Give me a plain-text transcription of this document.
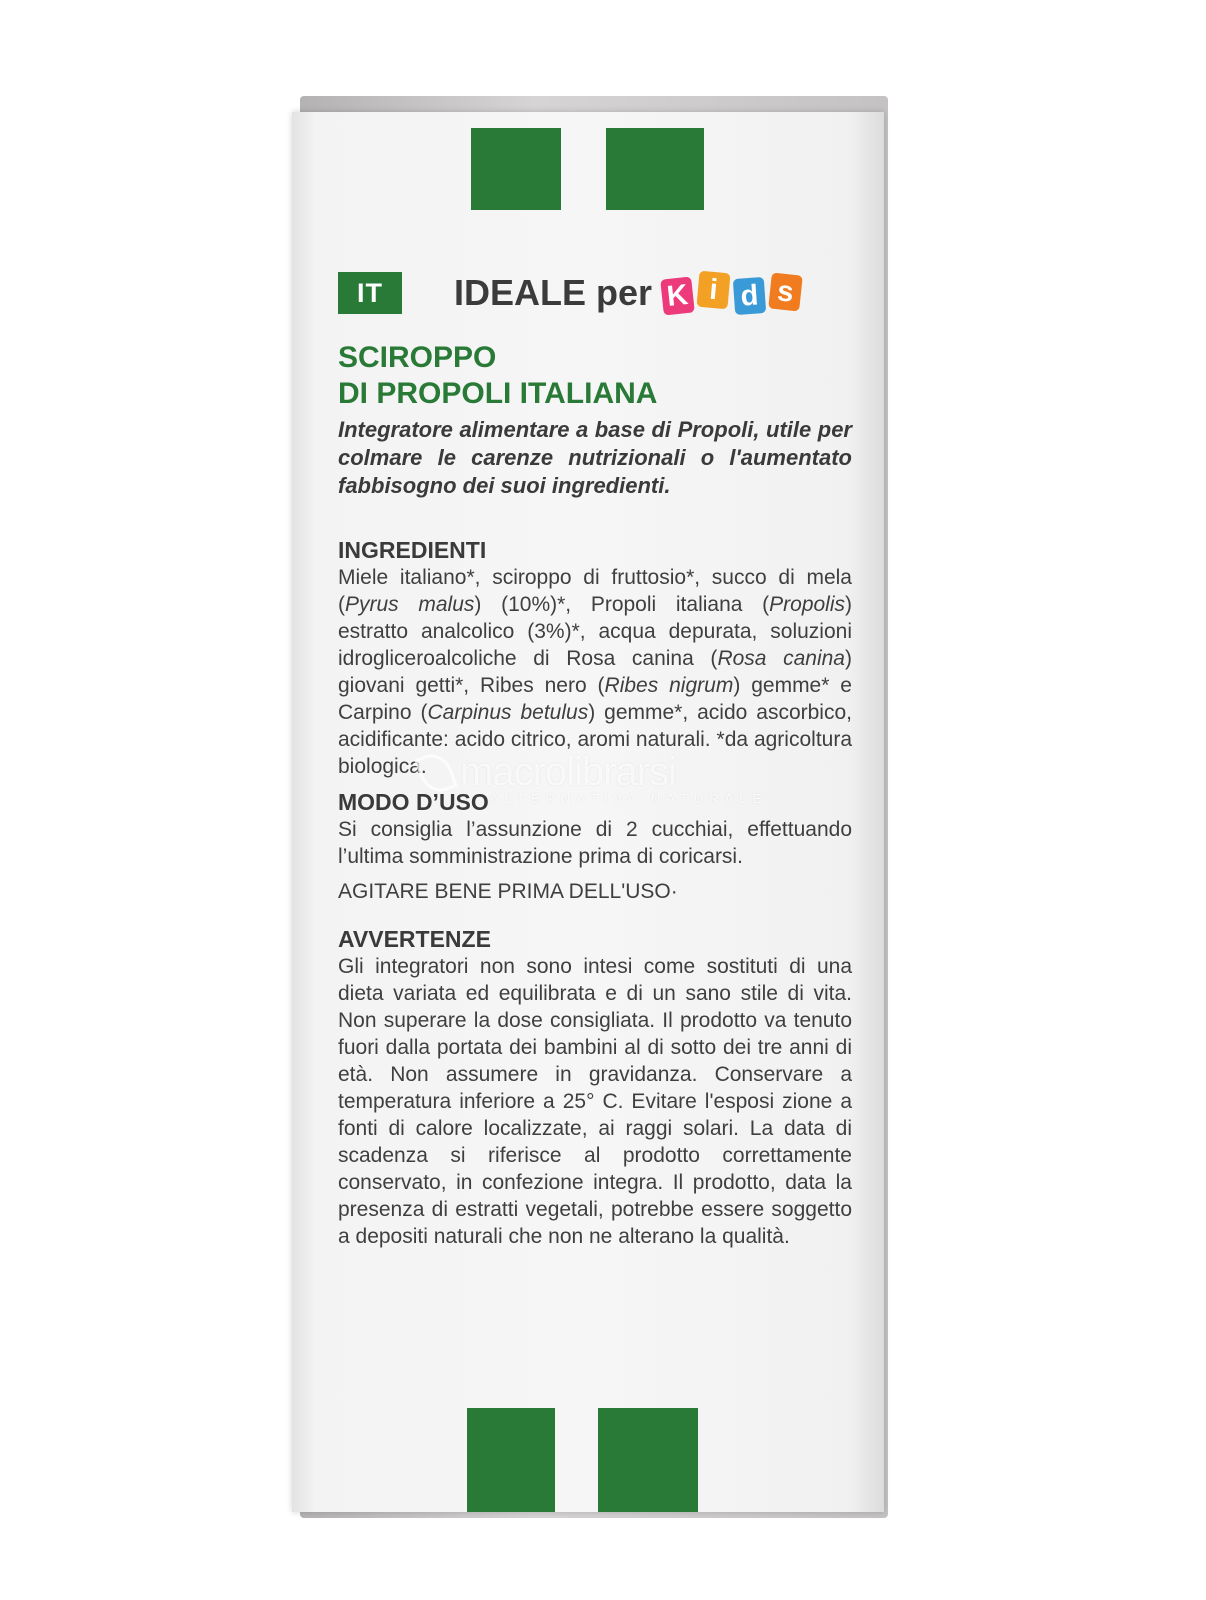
IT	IDEALE per K i d s
SCIROPPO
DI PROPOLI ITALIANA
Integratore alimentare a base di Propoli, utile per colmare le carenze nutrizionali o l'aumentato fabbisogno dei suoi ingredienti.
INGREDIENTI
Miele italiano*, sciroppo di fruttosio*, succo di mela (Pyrus malus) (10%)*, Propoli italiana (Propolis) estratto analcolico (3%)*, acqua depurata, soluzioni idrogliceroalcoliche di Rosa canina (Rosa canina) giovani getti*, Ribes nero (Ribes nigrum) gemme* e Carpino (Carpinus betulus) gemme*, acido ascorbico, acidificante: acido citrico, aromi naturali. *da agricoltura biologica.
MODO D’USO
Si consiglia l’assunzione di 2 cucchiai, effettuando l’ultima somministrazione prima di coricarsi.
AGITARE BENE PRIMA DELL'USO·
AVVERTENZE
Gli integratori non sono intesi come sostituti di una dieta variata ed equilibrata e di un sano stile di vita. Non superare la dose consigliata. Il prodotto va tenuto fuori dalla portata dei bambini al di sotto dei tre anni di età. Non assumere in gravidanza. Conservare a temperatura inferiore a 25° C. Evitare l'esposi zione a fonti di calore localizzate, ai raggi solari. La data di scadenza si riferisce al prodotto correttamente conservato, in confezione integra. Il prodotto, data la presenza di estratti vegetali, potrebbe essere soggetto a depositi naturali che non ne alterano la qualità.
macrolibrarsi
ALTERNATIVA NATURALE
